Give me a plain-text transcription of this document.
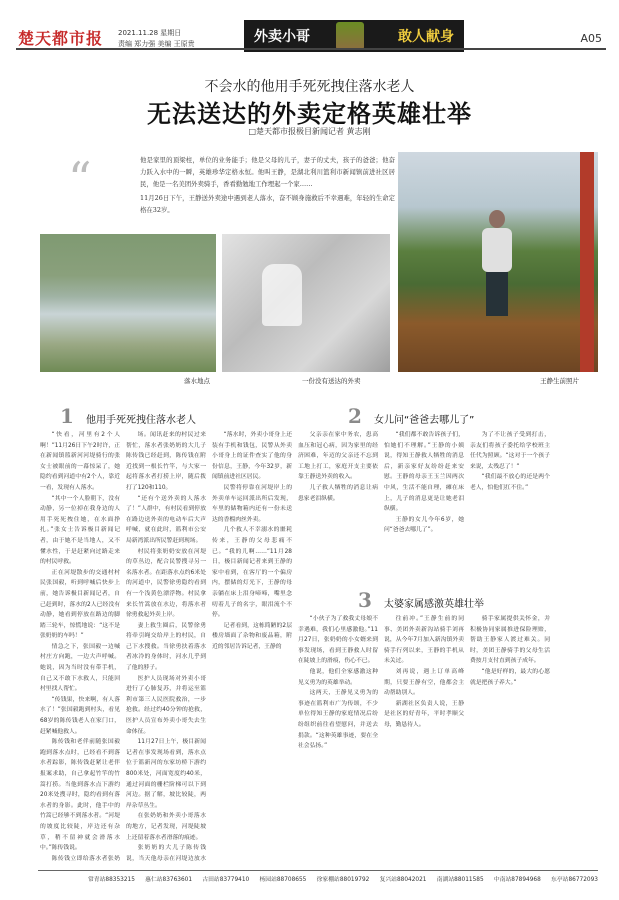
楚天都市报 2021.11.28 星期日
责编 郑力强 美编 王原贵	外卖小哥	敢人献身	A05
不会水的他用手死死拽住落水老人
无法送达的外卖定格英雄壮举
□楚天都市报极目新闻记者 黄志刚
“	他是家里的顶梁柱，单位的业务能手；他是父母的儿子，妻子的丈夫，孩子的爸爸；他奋力跃入水中的一瞬，英雄珍华定格永恒。他叫王静，是湖北利川篮利市新闻镇前进社区居民，他是一名美团外卖骑手，香看勤勉地工作埋起一个家……

11月26日下午，王静送外卖途中遇到老人落水，奋不顾身施救后不幸遇难，年轻的生命定格在32岁。

落水地点	一份没有送达的外卖	王静生前照片
1 他用手死死拽住落水老人	2 女儿问“爸爸去哪儿了”
3 太婆家属感激英雄壮举

“快看，河里有2个人啊！”11月26日下午2时许，正在新闻镇篮新河河堤骑行的张女士被眼前的一幕惊呆了，她隐约看到河道中有2个人，靠近一看，发现有人落水。

“其中一个人脸朝下，没有动静，另一位掉在我身边的人用手死死拽住她，在水面挣扎。”张女士告诉极目新闻记者，由于她不是当地人，又不懂水性，于是赶紧向过路走来的村民呼救。

正在河堤散步的交通村村民张国毅，听到呼喊后快步上前，她告诉极目新闻记者，自己赶到时，落水的2人已经没有动静，她看到停放在路边的脚踏三轮车，惊慌地说：“这不是张奶奶的车吗！”

情急之下，张国毅一边喊村庄方向跑，一边大声呼喊。她说，因为当时没有带手机，自己又不敢下水救人，只能回村里找人帮忙。

“传钱果，快来啊，有人落水了！”张国毅跑到村头，看见68岁的陈传钱老人在家门口，赶紧喊他救人。

陈传钱和老伴前随张国毅跑到落水点时，已经看不到落水者踪影，陈传钱赶紧让老伴报案求助，自己拿起竹竿的竹篙打捞。当他到落水点下游约20米处搜寻时，隐约看到有落水者的身影。此时，他手中的竹篙已经够不到落水者。“河堤的坡度比较陡，岸边还有杂草，稍不留神就会滑落水中。”陈传钱说。

陈传钱立即给落水者张奶

场。闻讯赶来的村民过来帮忙，落水者张奶奶的大儿子陈传钱已经赶到，陈传钱在附近找到一根长竹竿，与大家一起将落水者打捞上岸，随后拨打了120和110。

“还有个送外卖的人落水了！”人群中，有村民看到停放在路边送外卖的电动车后大声呼喊，就在此时，篮利市公安局新湾派出所民警赶到现场。

村民将张奶奶安放在河堤的草丛边，配合民警搜寻另一名落水者。在距落水点约6米处的河道中，民警徐勇隐约看到有一个浅黄色漂浮物。村民拿来长竹篙放在水边，将落水者徐勇救起外卖上岸。

妻上救生圈后，民警徐勇将牵引绳交给岸上的村民，自己下水搜救。当徐勇扶着落水者冰冷的身体时，河水几乎到了他的脖子。

医护人员现场对外卖小哥进行了心肺复苏，并将运至篮利市第三人民医院救治，一步抢救。经过约40分钟的抢救，医护人员宣布外卖小哥失去生命体征。

11月27日上午，极目新闻记者在事发现场看到，落水点位于篮新河的东家坊桥下游约800米处，河面宽度约40米，通过河面的栅栏阶梯可以下到河边。据了解，坡比较陡，两岸杂草丛生。

在张奶奶和外卖小哥落水的地方，记者发现，河堤陡坡上还留着落水者滑落的痕迹。

张奶奶的大儿子陈传钱说，当天他母亲在河堤边放水

“落水时，外卖小哥身上还装有手机和钱包，民警从外卖小哥身上的证件查实了他的身份信息，王静，今年32岁，新闻镇前进社区居民。

民警将停靠在河堤岸上的外卖单车运回派出所后发现，车里的储物箱内还有一份未送达的香榴肉丝外卖。

几个救人不幸溺水的噩耗传来，王静的父母悲痛不已。“我的儿啊……”11月28日，极目新闻记者来到王静的家中看到，在客厅的一个偏房内，摆储的灯光下，王静的母亲躺在床上泪身啼啼，嘴里念叨着儿子的名字，眼泪流个不停。

记者看到，这栋简陋的2层楼房墙面了杂物和废品箱，附近的邻居告诉记者，王静的

父亲亲在家中务农，患高血压和冠心病，因为家里的经济困难，年迈的父亲还不忘到工地上打工，家庭开支主要依靠王静送外卖的收入。

儿子救人牺牲的消息让病患家老泪纵横。

“我们都不敢告诉孩子们，怕她们不理解。”王静的小姨说，得知王静救人牺牲的消息后，新亲家好友纷纷赶来安慰。王静的母亲王玉兰因两次中风，生活不能自理，瘫在床上，儿子的消息更是让她老泪纵横。

王静的女儿今年6岁，她问“爸爸去哪儿了”。

为了不让孩子受到打击，亲友们将孩子委托给学校班主任代为照顾。“这对于一个孩子来说，太残忍了！”

“我们最不放心的还是两个老人，怕他们扛不住。”

“小伙子为了救我丈母娘不幸遇难，我们心里感激他。”11月27日，张奶奶的小女婿来到事发现场，看到王静救人时留在陡坡上的滑痕，伤心不已。

他说，他们全家感激这种见义勇为的英雄举动。

这两天，王静见义勇为的事迹在篮利市广为传颂，不少单位得知王静的家庭情况后纷纷组织前往看望慰问，并送去捐款。“这种英雄事迹，要在全社会弘扬。”

往前冲。”王静生前的同事、美团外卖新沟站骑手刘再说，从今年7月加入新沟镇外卖骑手行列以来，王静的手机从未关过。

刘再说，遇上订单高峰期，只要王静有空，他都会主动帮助别人。

新湖社区负责人说，王静是社区的好青年，平时孝顺父母，勤恳待人。

骑手家属提供关怀金，并积极协同家属推进保险理赔，帮助王静家人渡过难关。同时，美团王静骑手的父母生活费按月支付直到孩子成年。

“他是好样的，最大的心愿就是把孩子养大。”

常青站88353215 惠仁站83763601 古田站83779410 杨园站88708655 徐家棚站88019792 复兴站88042021 南湖站88011585 中南站87894968 东亭站86772093
